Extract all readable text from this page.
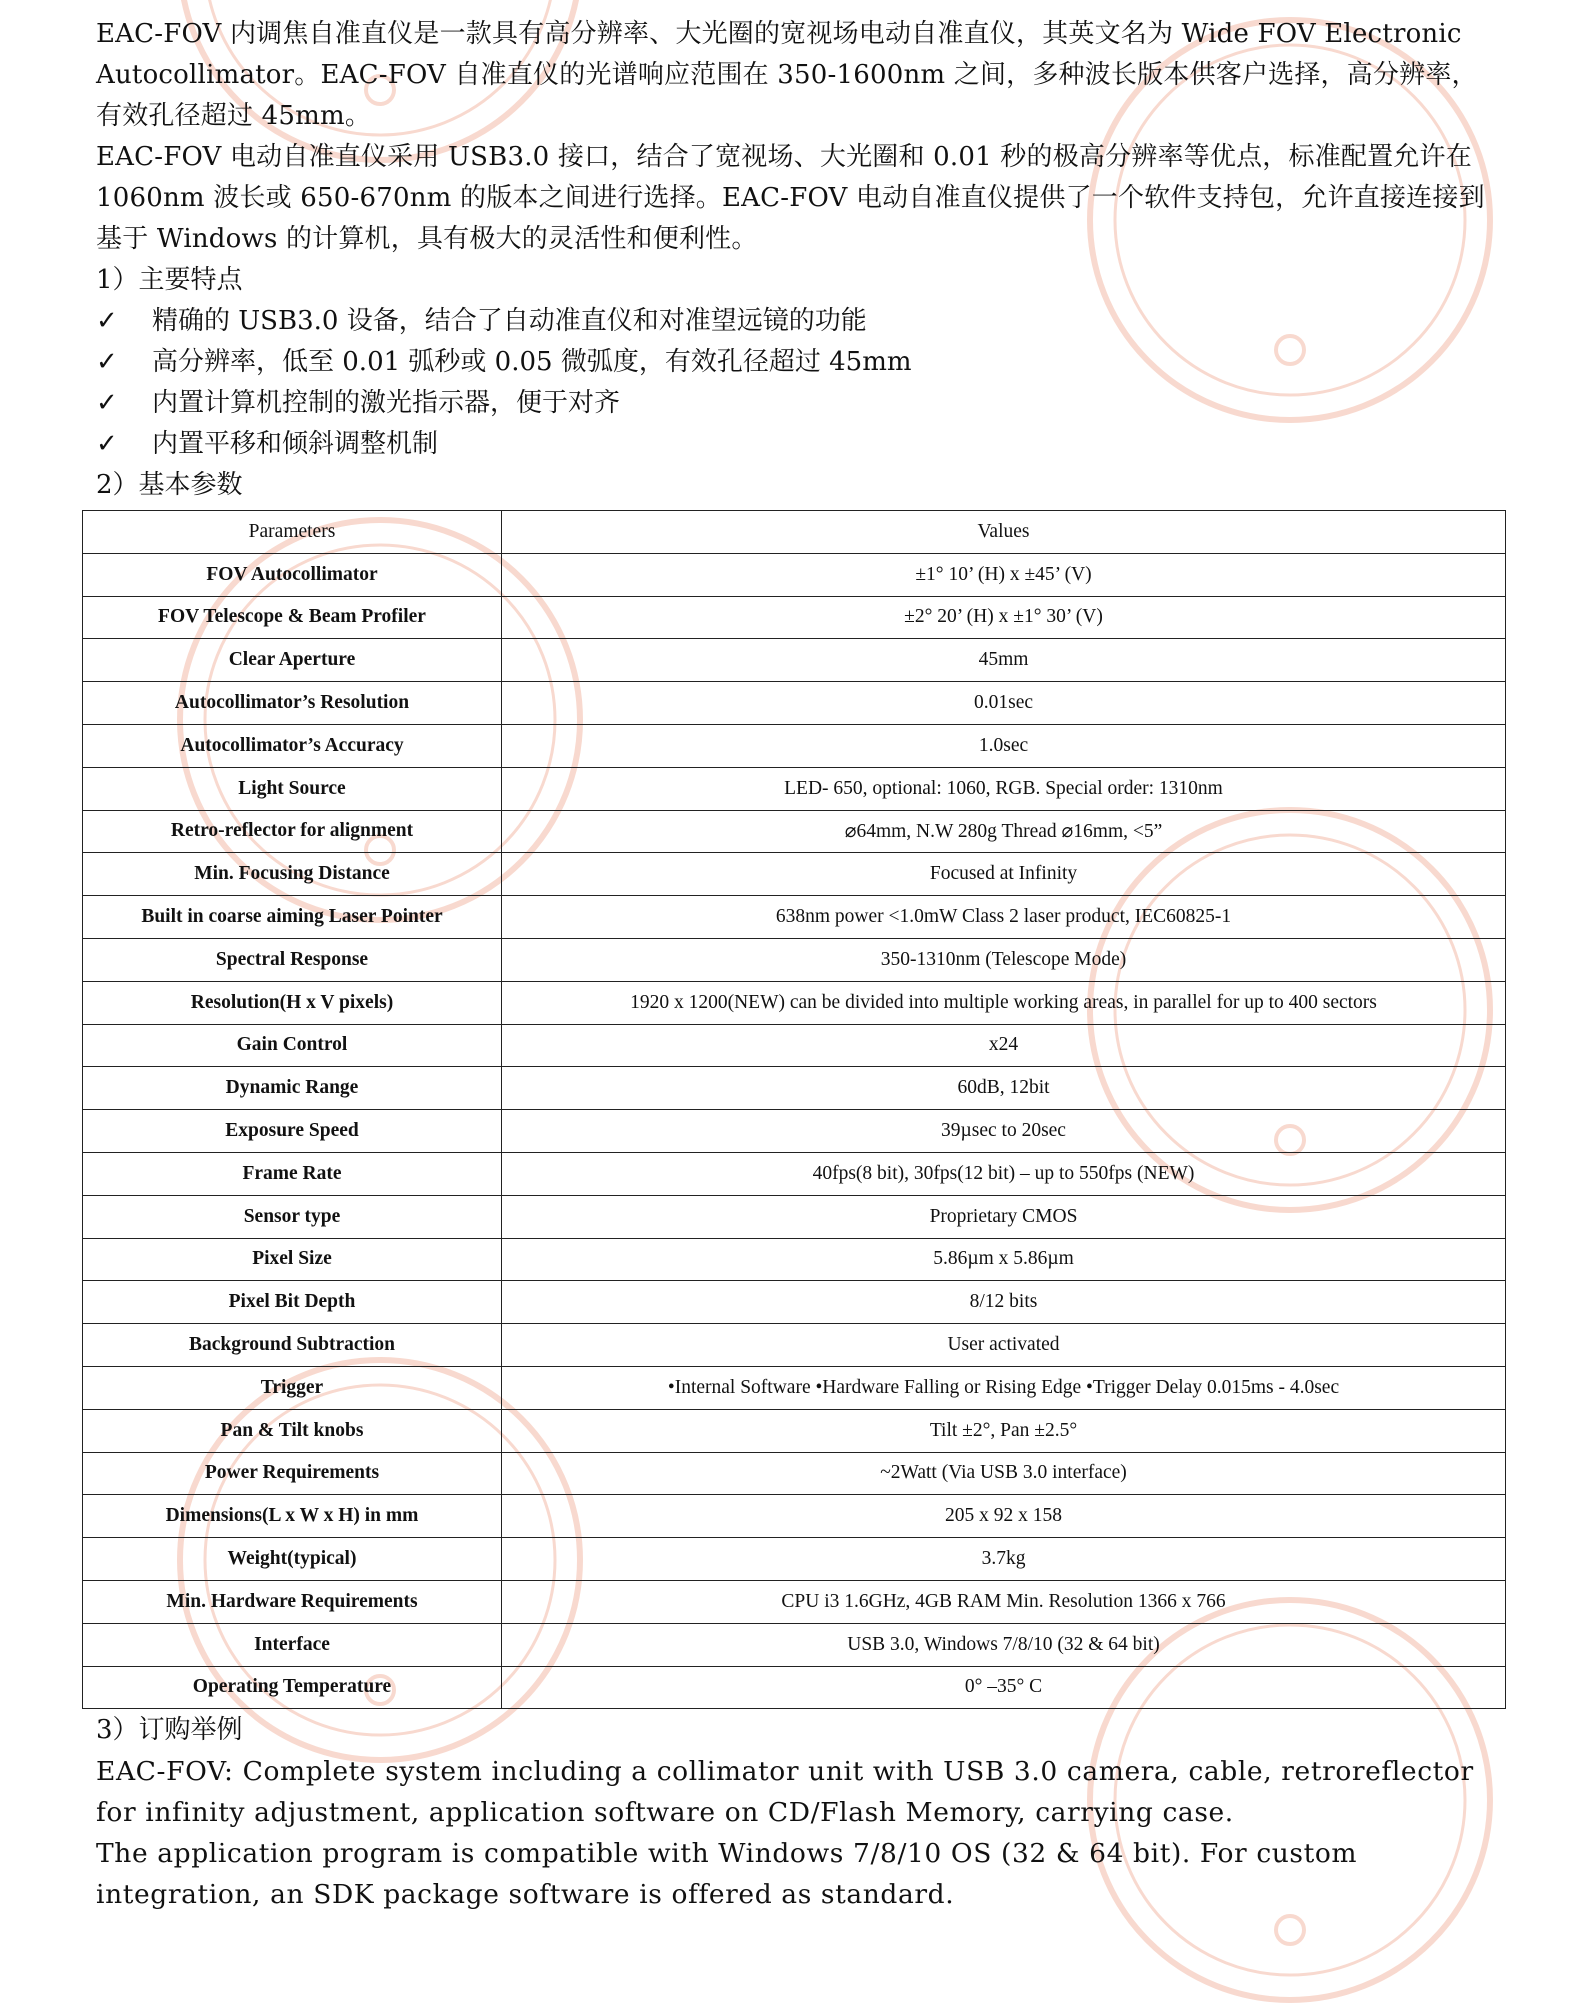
EAC-FOV 内调焦自准直仪是一款具有高分辨率、大光圈的宽视场电动自准直仪，其英文名为 Wide FOV Electronic Autocollimator。EAC-FOV 自准直仪的光谱响应范围在 350-1600nm 之间，多种波长版本供客户选择，高分辨率，有效孔径超过 45mm。

EAC-FOV 电动自准直仪采用 USB3.0 接口，结合了宽视场、大光圈和 0.01 秒的极高分辨率等优点，标准配置允许在 1060nm 波长或 650-670nm 的版本之间进行选择。EAC-FOV 电动自准直仪提供了一个软件支持包，允许直接连接到基于 Windows 的计算机，具有极大的灵活性和便利性。

1）主要特点

✓	精确的 USB3.0 设备，结合了自动准直仪和对准望远镜的功能
✓	高分辨率，低至 0.01 弧秒或 0.05 微弧度，有效孔径超过 45mm
✓	内置计算机控制的激光指示器，便于对齐
✓	内置平移和倾斜调整机制

2）基本参数

Parameters	Values
FOV Autocollimator	±1° 10’ (H) x ±45’ (V)
FOV Telescope & Beam Profiler	±2° 20’ (H) x ±1° 30’ (V)
Clear Aperture	45mm
Autocollimator’s Resolution	0.01sec
Autocollimator’s Accuracy	1.0sec
Light Source	LED- 650, optional: 1060, RGB. Special order: 1310nm
Retro-reflector for alignment	⌀64mm, N.W 280g Thread ⌀16mm, <5”
Min. Focusing Distance	Focused at Infinity
Built in coarse aiming Laser Pointer	638nm power <1.0mW Class 2 laser product, IEC60825-1
Spectral Response	350-1310nm (Telescope Mode)
Resolution(H x V pixels)	1920 x 1200(NEW) can be divided into multiple working areas, in parallel for up to 400 sectors
Gain Control	x24
Dynamic Range	60dB, 12bit
Exposure Speed	39µsec to 20sec
Frame Rate	40fps(8 bit), 30fps(12 bit) – up to 550fps (NEW)
Sensor type	Proprietary CMOS
Pixel Size	5.86µm x 5.86µm
Pixel Bit Depth	8/12 bits
Background Subtraction	User activated
Trigger	•Internal Software •Hardware Falling or Rising Edge •Trigger Delay 0.015ms - 4.0sec
Pan & Tilt knobs	Tilt ±2°, Pan ±2.5°
Power Requirements	~2Watt (Via USB 3.0 interface)
Dimensions(L x W x H) in mm	205 x 92 x 158
Weight(typical)	3.7kg
Min. Hardware Requirements	CPU i3 1.6GHz, 4GB RAM Min. Resolution 1366 x 766
Interface	USB 3.0, Windows 7/8/10 (32 & 64 bit)
Operating Temperature	0° –35° C

3）订购举例

EAC-FOV: Complete system including a collimator unit with USB 3.0 camera, cable, retroreflector for infinity adjustment, application software on CD/Flash Memory, carrying case.

The application program is compatible with Windows 7/8/10 OS (32 & 64 bit). For custom integration, an SDK package software is offered as standard.
